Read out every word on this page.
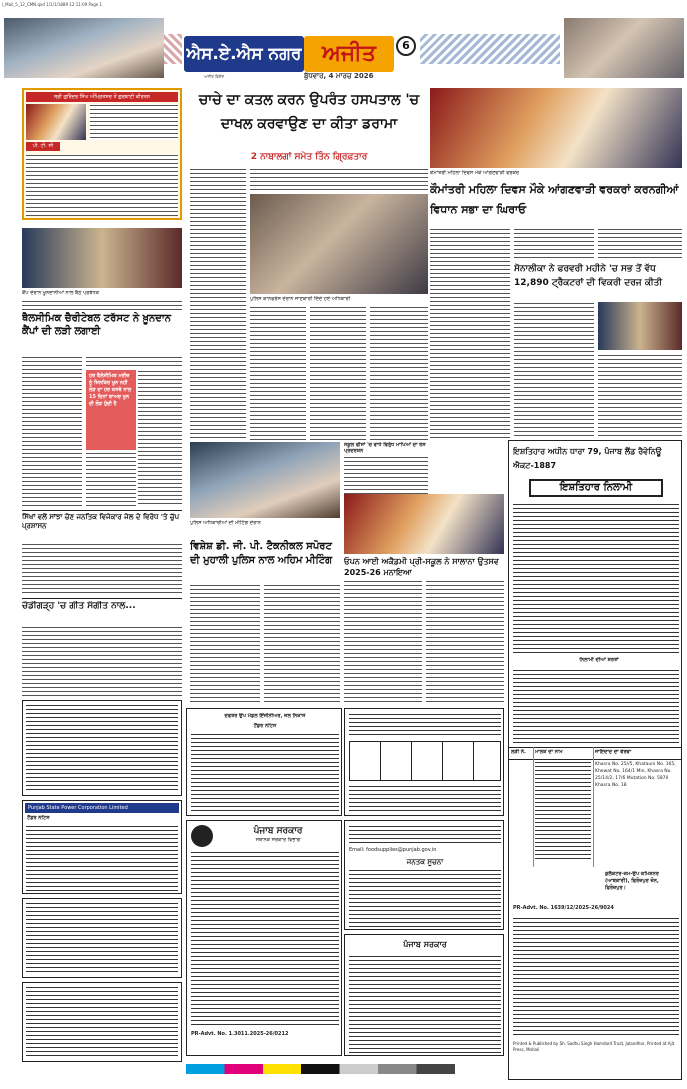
I_Mail_5_12_CMN.qxd 1/1/1/1889 12:11:09 Page 1
ਐਸ.ਏ.ਐਸ ਨਗਰ ਅਜੀਤ	6
ਬੁੱਧਵਾਰ, 4 ਮਾਰਚ 2026
ਅਜੀਤ ਵਿਸ਼ੇਸ਼
ਸ੍ਰੀ ਗੁਰਿੰਦਰ ਸਿੰਘ ਅੰਮ੍ਰਿਤਸਰ ਤੋਂ ਗੁਰਬਾਣੀ ਕੀਰਤਨ
ਪੀ. ਟੀ. ਸੀ
ਕੈਂਪ ਦੌਰਾਨ ਖੂਨਦਾਨੀਆਂ ਨਾਲ ਬੈਠੇ ਪ੍ਰਬੰਧਕ
ਥੈਲਸੀਮਿਕ ਚੈਰੀਟੇਬਲ ਟਰੱਸਟ ਨੇ ਖ਼ੂਨਦਾਨ ਕੈਂਪਾਂ ਦੀ ਲੜੀ ਲਗਾਈ
ਹਰ ਥੈਲੇਸੀਮਿਕ ਮਰੀਜ਼ ਨੂੰ ਜਿਨਕਿਰ ਖੂਨ ਨਹੀ ਲੋੜ ਦਾ ਹਰ ਕਸਬੇ ਨਾਲ 15 ਦਿਨਾਂ ਬਾਅਦ ਖੂਨ ਦੀ ਲੋੜ ਹੁੰਦੀ ਹੈ
ਸਿੱਖਾਂ ਵਲੋਂ ਸਾਂਝਾ ਚੋਣ ਜਨਤਿਕ ਵਿਜੇਕਾਰ ਜੇਲ ਦੇ ਵਿਰੋਧ 'ਤੇ ਚੁੱਪ ਪ੍ਰਸ਼ਾਸਨ
ਚੰਡੀਗੜ੍ਹ 'ਚ ਗੀਤ ਸੰਗੀਤ ਨਾਲ...
Punjab State Power Corporation Limited
ਟੈਂਡਰ ਨੋਟਿਸ
ਚਾਚੇ ਦਾ ਕਤਲ ਕਰਨ ਉਪਰੰਤ ਹਸਪਤਾਲ 'ਚ ਦਾਖਲ ਕਰਵਾਉਣ ਦਾ ਕੀਤਾ ਡਰਾਮਾ
2 ਨਾਬਾਲਗਾਂ ਸਮੇਤ ਤਿੰਨ ਗ੍ਰਿਫ਼ਤਾਰ
ਪੁਲਿਸ ਕਾਨਫਰੰਸ ਦੌਰਾਨ ਜਾਣਕਾਰੀ ਦਿੰਦੇ ਹੋਏ ਅਧਿਕਾਰੀ
ਪੁਲਿਸ ਅਧਿਕਾਰੀਆਂ ਦੀ ਮੀਟਿੰਗ ਦੌਰਾਨ
ਵਿਸ਼ੇਸ਼ ਡੀ. ਜੀ. ਪੀ. ਟੈਕਨੀਕਲ ਸਪੋਰਟ ਦੀ ਮੁਹਾਲੀ ਪੁਲਿਸ ਨਾਲ ਅਹਿਮ ਮੀਟਿੰਗ
ਸਕੂਲ ਫੀਸਾਂ 'ਚ ਵਾਧੇ ਵਿਰੁੱਧ ਮਾਪਿਆਂ ਦਾ ਰੋਸ ਪ੍ਰਦਰਸ਼ਨ
ਓਪਨ ਆਈ ਅਕੈਡਮੀ ਪ੍ਰੀ-ਸਕੂਲ ਨੇ ਸਾਲਾਨਾ ਉਤਸਵ 2025-26 ਮਨਾਇਆ
ਕੌਮਾਂਤਰੀ ਮਹਿਲਾ ਦਿਵਸ ਮੌਕੇ ਆਂਗਣਵਾੜੀ ਵਰਕਰ
ਕੌਮਾਂਤਰੀ ਮਹਿਲਾ ਦਿਵਸ ਮੌਕੇ ਆਂਗਣਵਾੜੀ ਵਰਕਰਾਂ ਕਰਨਗੀਆਂ ਵਿਧਾਨ ਸਭਾ ਦਾ ਘਿਰਾਓ
ਸੋਨਾਲੀਕਾ ਨੇ ਫਰਵਰੀ ਮਹੀਨੇ 'ਚ ਸਭ ਤੋਂ ਵੱਧ 12,890 ਟ੍ਰੈਕਟਰਾਂ ਦੀ ਵਿਕਰੀ ਦਰਜ ਕੀਤੀ
ਇਸ਼ਤਿਹਾਰ ਅਧੀਨ ਧਾਰਾ 79, ਪੰਜਾਬ ਲੈਂਡ ਰੈਵੇਨਿਊ ਐਕਟ-1887
ਇਸ਼ਤਿਹਾਰ ਨਿਲਾਮੀ
ਨਿਲਾਮੀ ਦੀਆਂ ਸ਼ਰਤਾਂ
ਲੜੀ ਨੰ.	ਮਾਲਕ ਦਾ ਨਾਮ	ਜਾਇਦਾਦ ਦਾ ਵੇਰਵਾ
Khasra No. 25//5, Khatauni No. 165, Khewat No. 164/1 Min, Khasra No. 25/14/2, 17/6 Mutation No. 5870 Khasra No. 18
ਕੁਲੈਕਟਰ-ਕਮ-ਉਪ ਕਮਿਸ਼ਨਰ (ਆਬਕਾਰੀ), ਫਿਰੋਜ਼ਪੁਰ ਜ਼ੋਨ, ਫਿਰੋਜ਼ਪੁਰ।
PR-Advt. No. 1639/12/2025-26/9024
Printed & Published by Sh. Sadhu Singh Hamdard Trust, Jalandhar, Printed at Ajit Press, Mohali
ਦਫਤਰ ਉਪ ਮੰਡਲ ਇੰਜੀਨੀਅਰ, ਜਲ ਨਿਕਾਸ
ਟੈਂਡਰ ਨੋਟਿਸ
ਪੰਜਾਬ ਸਰਕਾਰ
ਸਥਾਨਕ ਸਰਕਾਰ ਵਿਭਾਗ
PR-Advt. No. 1.3011.2025-26/0212
Email: foodsupplies@punjab.gov.in
ਜਨਤਕ ਸੂਚਨਾ
ਪੰਜਾਬ ਸਰਕਾਰ
